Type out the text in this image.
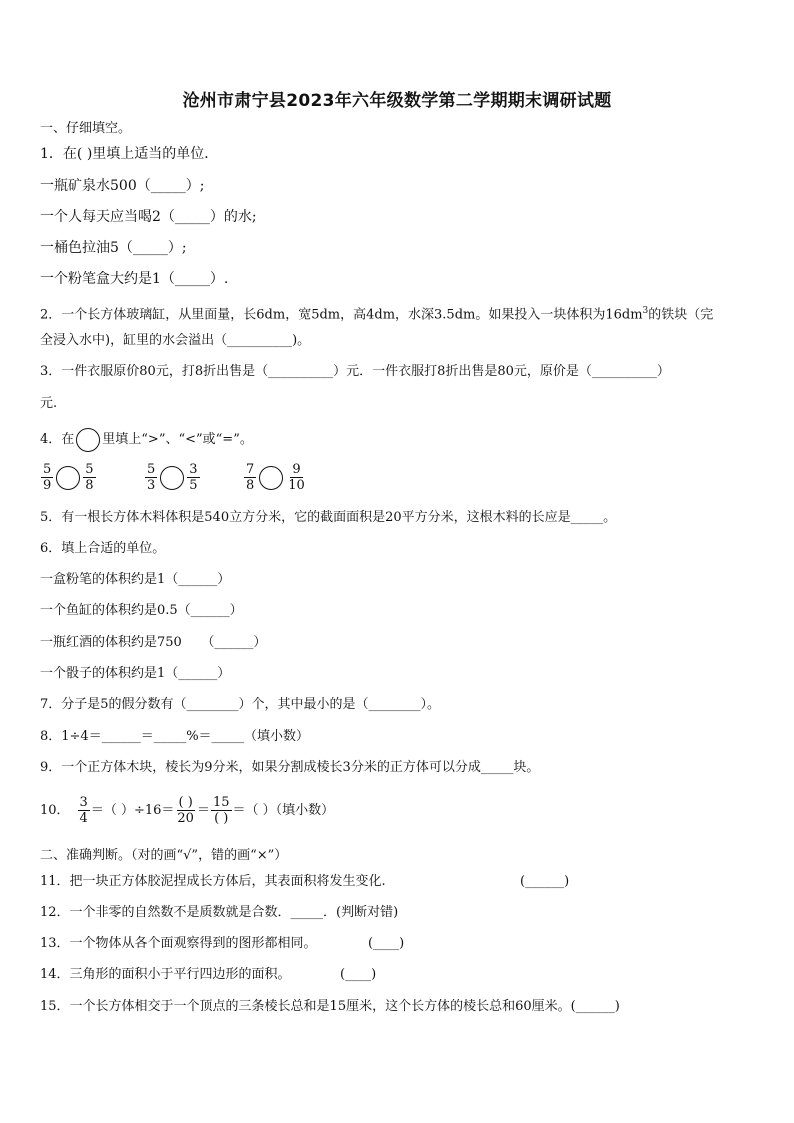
沧州市肃宁县2023年六年级数学第二学期期末调研试题
一、仔细填空。
1．在( )里填上适当的单位．
一瓶矿泉水500（_____）;
一个人每天应当喝2（_____）的水;
一桶色拉油5（_____）;
一个粉笔盒大约是1（_____）.
2．一个长方体玻璃缸，从里面量，长6dm，宽5dm，高4dm，水深3.5dm。如果投入一块体积为$16dm^3$的铁块（完
全浸入水中)，缸里的水会溢出（__________)。
3．一件衣服原价80元，打8折出售是（__________）元．一件衣服打8折出售是80元，原价是（__________）
元.
4．在 里填上“>”、“<”或“=”。
$\frac{5}{9} \frac{5}{8}$	$\frac{5}{3} \frac{3}{5}$	$\frac{7}{8} \frac{9}{10}$
5．有一根长方体木料体积是540立方分米，它的截面面积是20平方分米，这根木料的长应是_____。
6．填上合适的单位。
一盒粉笔的体积约是1（______）
一个鱼缸的体积约是0.5（______）
一瓶红酒的体积约是750　　（______）
一个骰子的体积约是1（______）
7．分子是5的假分数有（________）个，其中最小的是（________）。
8．1÷4＝______＝_____%＝_____（填小数）
9．一个正方体木块，棱长为9分米，如果分割成棱长3分米的正方体可以分成_____块。
10． $\frac{3}{4}$ ＝（ ）$\div 16= \frac{( )}{20} = \frac{15}{( )}$ ＝（ ）（填小数）
二、准确判断。（对的画“√”，错的画“×”）
11．把一块正方体胶泥捏成长方体后，其表面积将发生变化.	(______)
12．一个非零的自然数不是质数就是合数．_____．(判断对错)
13．一个物体从各个面观察得到的图形都相同。	(____)
14．三角形的面积小于平行四边形的面积。	(____)
15．一个长方体相交于一个顶点的三条棱长总和是15厘米，这个长方体的棱长总和60厘米。(______)
